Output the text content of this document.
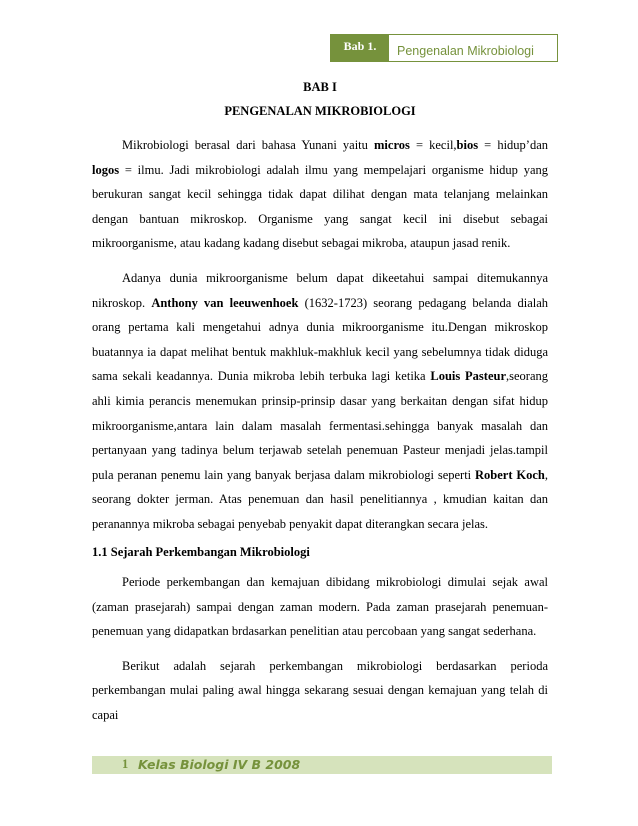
Bab 1.	Pengenalan Mikrobiologi
BAB I
PENGENALAN MIKROBIOLOGI

Mikrobiologi berasal dari bahasa Yunani yaitu micros = kecil,bios = hidup’dan logos = ilmu. Jadi mikrobiologi adalah ilmu yang mempelajari organisme hidup yang berukuran sangat kecil sehingga tidak dapat dilihat dengan mata telanjang melainkan dengan bantuan mikroskop. Organisme yang sangat kecil ini disebut sebagai mikroorganisme, atau kadang kadang disebut sebagai mikroba, ataupun jasad renik.

Adanya dunia mikroorganisme belum dapat dikeetahui sampai ditemukannya nikroskop. Anthony van leeuwenhoek (1632-1723) seorang pedagang belanda dialah orang pertama kali mengetahui adnya dunia mikroorganisme itu.Dengan mikroskop buatannya ia dapat melihat bentuk makhluk-makhluk kecil yang sebelumnya tidak diduga sama sekali keadannya. Dunia mikroba lebih terbuka lagi ketika Louis Pasteur,seorang ahli kimia perancis menemukan prinsip-prinsip dasar yang berkaitan dengan sifat hidup mikroorganisme,antara lain dalam masalah fermentasi.sehingga banyak masalah dan pertanyaan yang tadinya belum terjawab setelah penemuan Pasteur menjadi jelas.tampil pula peranan penemu lain yang banyak berjasa dalam mikrobiologi seperti Robert Koch, seorang dokter jerman. Atas penemuan dan hasil penelitiannya , kmudian kaitan dan peranannya mikroba sebagai penyebab penyakit dapat diterangkan secara jelas.

1.1 Sejarah Perkembangan Mikrobiologi

Periode perkembangan dan kemajuan dibidang mikrobiologi dimulai sejak awal (zaman prasejarah) sampai dengan zaman modern. Pada zaman prasejarah penemuan-penemuan yang didapatkan brdasarkan penelitian atau percobaan yang sangat sederhana.

Berikut adalah sejarah perkembangan mikrobiologi berdasarkan perioda perkembangan mulai paling awal hingga sekarang sesuai dengan kemajuan yang telah di capai

1 Kelas Biologi IV B 2008
